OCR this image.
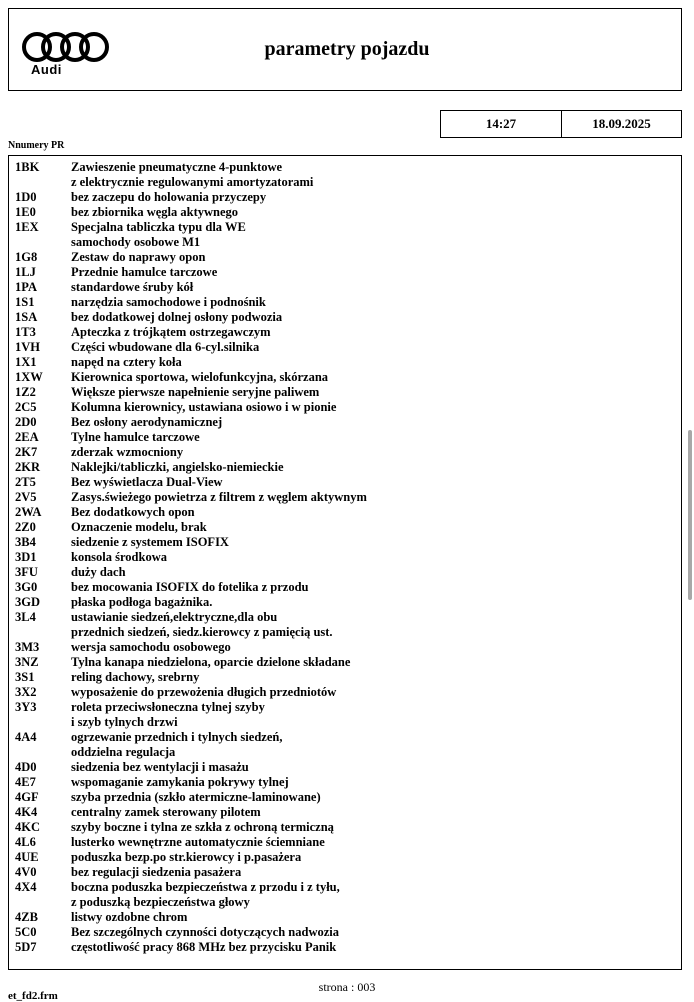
Audi
parametry pojazdu
14:27	18.09.2025
Nnumery PR
1BK	Zawieszenie pneumatyczne 4-punktowe
z elektrycznie regulowanymi amortyzatorami
1D0	bez zaczepu do holowania przyczepy
1E0	bez zbiornika węgla aktywnego
1EX	Specjalna tabliczka typu dla WE
samochody osobowe M1
1G8	Zestaw do naprawy opon
1LJ	Przednie hamulce tarczowe
1PA	standardowe śruby kół
1S1	narzędzia samochodowe i podnośnik
1SA	bez dodatkowej dolnej osłony podwozia
1T3	Apteczka z trójkątem ostrzegawczym
1VH	Części wbudowane dla 6-cyl.silnika
1X1	napęd na cztery koła
1XW	Kierownica sportowa, wielofunkcyjna, skórzana
1Z2	Większe pierwsze napełnienie seryjne paliwem
2C5	Kolumna kierownicy, ustawiana osiowo i w pionie
2D0	Bez osłony aerodynamicznej
2EA	Tylne hamulce tarczowe
2K7	zderzak wzmocniony
2KR	Naklejki/tabliczki, angielsko-niemieckie
2T5	Bez wyświetlacza Dual-View
2V5	Zasys.świeżego powietrza z filtrem z węglem aktywnym
2WA	Bez dodatkowych opon
2Z0	Oznaczenie modelu, brak
3B4	siedzenie z systemem ISOFIX
3D1	konsola środkowa
3FU	duży dach
3G0	bez mocowania ISOFIX do fotelika z przodu
3GD	płaska podłoga bagażnika.
3L4	ustawianie siedzeń,elektryczne,dla obu
przednich siedzeń, siedz.kierowcy z pamięcią ust.
3M3	wersja samochodu osobowego
3NZ	Tylna kanapa niedzielona, oparcie dzielone składane
3S1	reling dachowy, srebrny
3X2	wyposażenie do przewożenia długich przedniotów
3Y3	roleta przeciwsłoneczna tylnej szyby
i szyb tylnych drzwi
4A4	ogrzewanie przednich i tylnych siedzeń,
oddzielna regulacja
4D0	siedzenia bez wentylacji i masażu
4E7	wspomaganie zamykania pokrywy tylnej
4GF	szyba przednia (szkło atermiczne-laminowane)
4K4	centralny zamek sterowany pilotem
4KC	szyby boczne i tylna ze szkła z ochroną termiczną
4L6	lusterko wewnętrzne automatycznie ściemniane
4UE	poduszka bezp.po str.kierowcy i p.pasażera
4V0	bez regulacji siedzenia pasażera
4X4	boczna poduszka bezpieczeństwa z przodu i z tyłu,
z poduszką bezpieczeństwa głowy
4ZB	listwy ozdobne chrom
5C0	Bez szczególnych czynności dotyczących nadwozia
5D7	częstotliwość pracy 868 MHz bez przycisku Panik
strona : 003
et_fd2.frm
